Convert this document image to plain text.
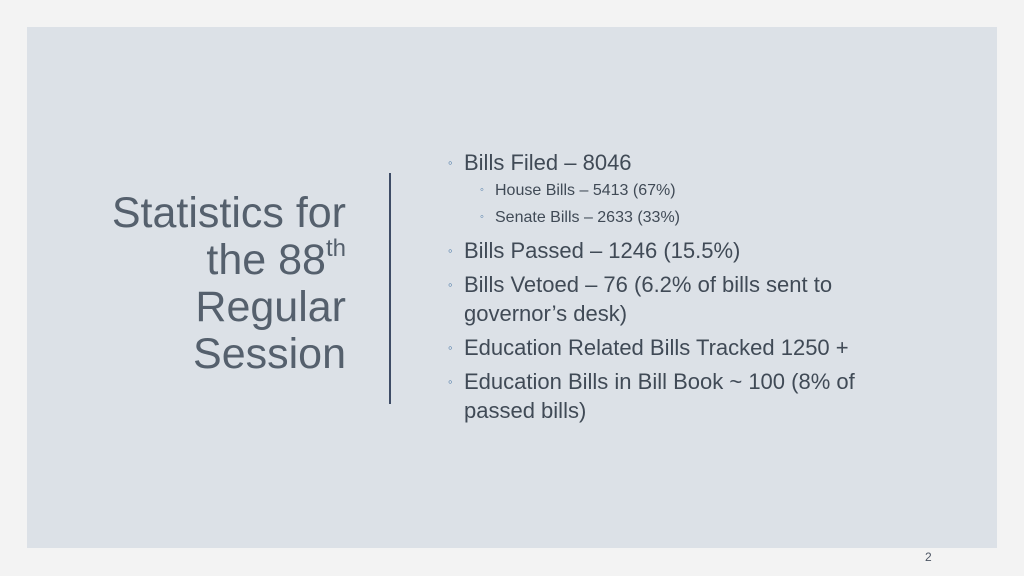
Statistics for
the 88th
Regular
Session
◦ Bills Filed – 8046
◦ House Bills – 5413 (67%)
◦ Senate Bills – 2633 (33%)
◦ Bills Passed – 1246 (15.5%)
◦ Bills Vetoed – 76 (6.2% of bills sent to governor’s desk)
◦ Education Related Bills Tracked 1250 +
◦ Education Bills in Bill Book ~ 100 (8% of passed bills)
2
